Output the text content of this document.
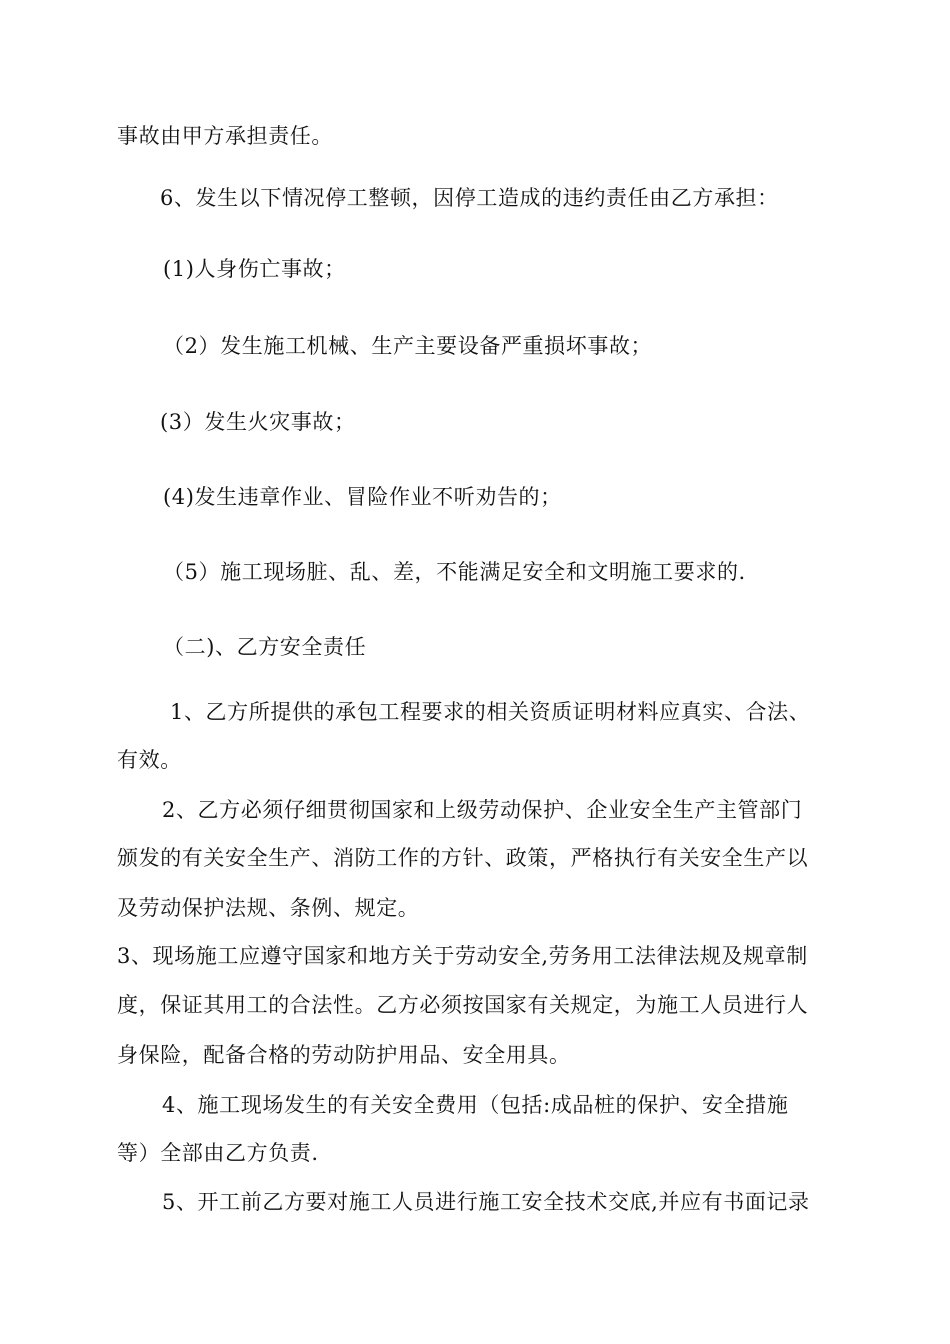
事故由甲方承担责任。
6、发生以下情况停工整顿，因停工造成的违约责任由乙方承担：
(1)人身伤亡事故；
（2）发生施工机械、生产主要设备严重损坏事故；
(3）发生火灾事故；
(4)发生违章作业、冒险作业不听劝告的；
（5）施工现场脏、乱、差，不能满足安全和文明施工要求的.
（二)、乙方安全责任
1、乙方所提供的承包工程要求的相关资质证明材料应真实、合法、
有效。
2、乙方必须仔细贯彻国家和上级劳动保护、企业安全生产主管部门
颁发的有关安全生产、消防工作的方针、政策，严格执行有关安全生产以
及劳动保护法规、条例、规定。
3、现场施工应遵守国家和地方关于劳动安全,劳务用工法律法规及规章制
度，保证其用工的合法性。乙方必须按国家有关规定，为施工人员进行人
身保险，配备合格的劳动防护用品、安全用具。
4、施工现场发生的有关安全费用（包括:成品桩的保护、安全措施
等）全部由乙方负责.
5、开工前乙方要对施工人员进行施工安全技术交底,并应有书面记录
